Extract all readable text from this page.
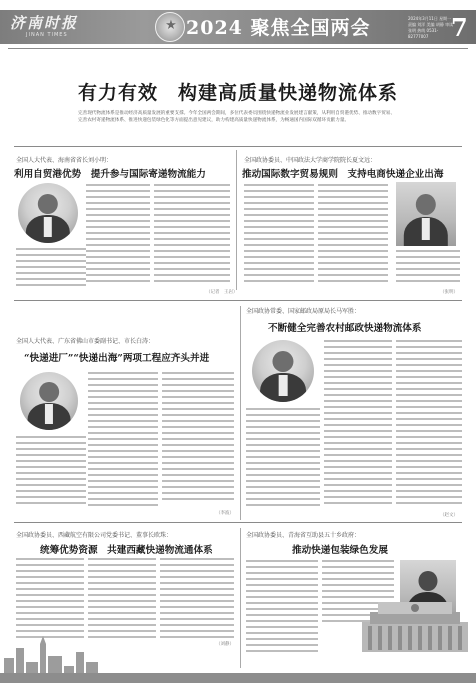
济南时报
JINAN TIMES
★	2024 聚焦全国两会	2024年3月11日 星期一 责编 刘洋 美编 胡静 审读 张明 热线 0531-82777007 7
有力有效　构建高质量快递物流体系
完善现代物流体系是推动经济高质量发展的重要支撑。今年全国两会期间，多位代表委员围绕快递物流业发展建言献策，从利用自贸港优势、推动数字贸易、完善农村寄递物流体系、推进快递包装绿色化等方面提出意见建议，助力构建高质量快递物流体系，为畅通国内国际双循环贡献力量。
全国人大代表、海南省省长刘小明：
利用自贸港优势　提升参与国际寄递物流能力
（记者　王岩）
全国政协委员、中国政法大学商学院院长夏文远：
推动国际数字贸易规则　支持电商快递企业出海
（张明）
全国人大代表、广东省佛山市委副书记、市长白涛：
“快递进厂”“快递出海”两项工程应齐头并进
（李波）
全国政协常委、国家邮政局原局长马军胜：
不断健全完善农村邮政快递物流体系
（赵文）
全国政协委员、西藏航空有限公司党委书记、董事长欧珠：
统筹优势资源　共建西藏快递物流通体系
（刘静）
全国政协委员、青海省互助县五十乡政府：
推动快递包装绿色发展
